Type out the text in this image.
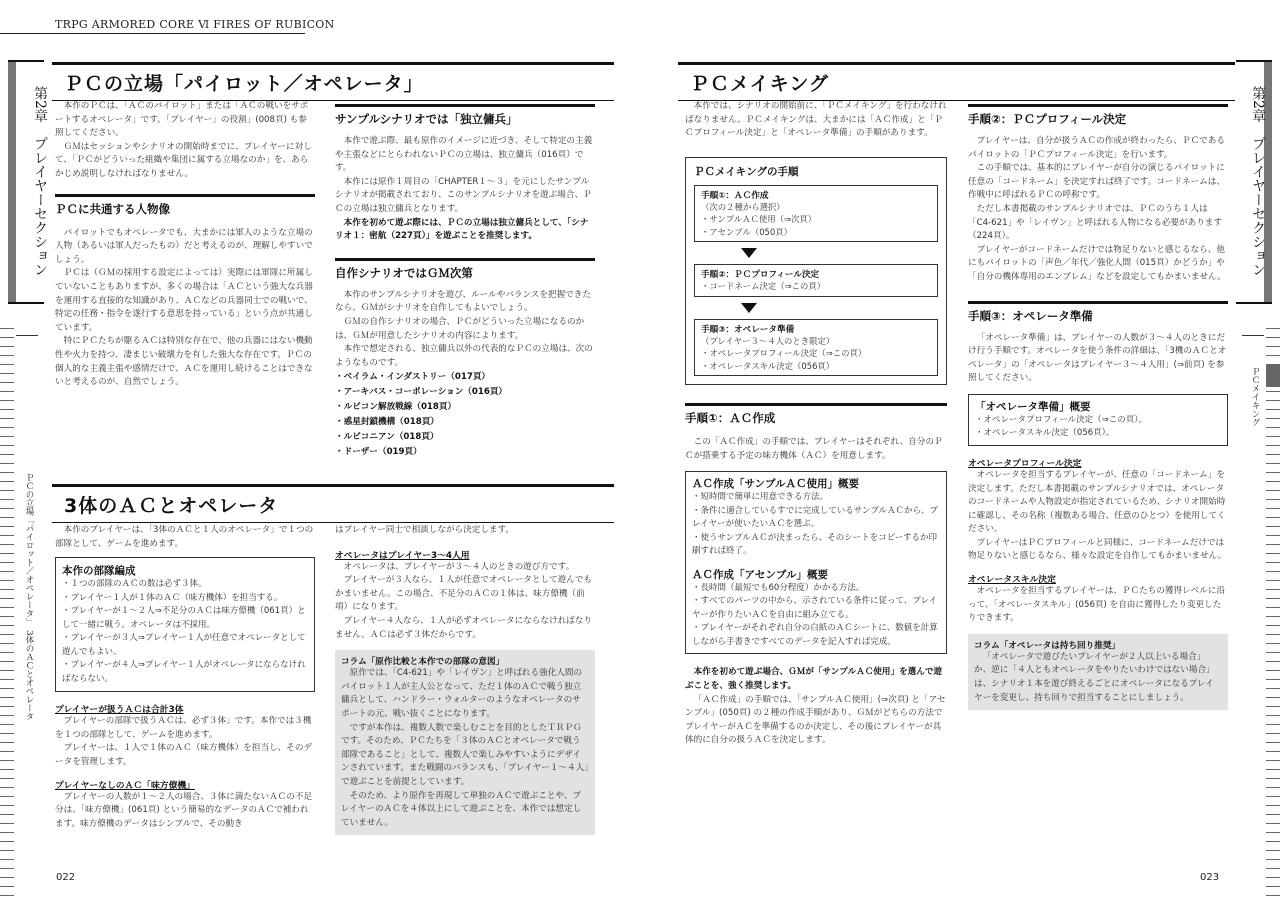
TRPG ARMORED CORE Ⅵ FIRES OF RUBICON
第2章　プレイヤーセクション
ＰＣの立場「パイロット／オペレータ」　3体のＡＣとオペレータ
ＰＣの立場「パイロット／オペレータ」

本作のＰＣは、「ＡＣのパイロット」または「ＡＣの戦いをサポートするオペレータ」です。「プレイヤー」の役割」(008頁) も参照してください。

ＧＭはセッションやシナリオの開始時までに、プレイヤーに対して、「ＰＣがどういった組織や集団に属する立場なのか」を、あらかじめ説明しなければなりません。

ＰＣに共通する人物像

パイロットでもオペレータでも、大まかには軍人のような立場の人物（あるいは軍人だったもの）だと考えるのが、理解しやすいでしょう。

ＰＣは（ＧＭの採用する設定によっては）実際には軍隊に所属していないこともありますが、多くの場合は「ＡＣという強大な兵器を運用する直接的な知識があり、ＡＣなどの兵器同士での戦いで、特定の任務・指令を遂行する意思を持っている」という点が共通しています。

特にＰＣたちが駆るＡＣは特別な存在で、他の兵器にはない機動性や火力を持つ、凄まじい破壊力を有した強大な存在です。ＰＣの個人的な主義主張や感情だけで、ＡＣを運用し続けることはできないと考えるのが、自然でしょう。

サンプルシナリオでは「独立傭兵」

本作で遊ぶ際、最も原作のイメージに近づき、そして特定の主義や主張などにとらわれないＰＣの立場は、独立傭兵（016頁）です。

本作には原作１周目の「CHAPTER１～３」を元にしたサンプルシナリオが掲載されており、このサンプルシナリオを遊ぶ場合、ＰＣの立場は独立傭兵となります。

本作を初めて遊ぶ際には、ＰＣの立場は独立傭兵として、「シナリオ１：密航（227頁）」を遊ぶことを推奨します。

自作シナリオではＧＭ次第

本作のサンプルシナリオを遊び、ルールやバランスを把握できたなら、ＧＭがシナリオを自作してもよいでしょう。

ＧＭの自作シナリオの場合、ＰＣがどういった立場になるのかは、ＧＭが用意したシナリオの内容によります。

本作で想定される、独立傭兵以外の代表的なＰＣの立場は、次のようなものです。

・ベイラム・インダストリー（017頁）
・アーキバス・コーポレーション（016頁）
・ルビコン解放戦線（018頁）
・惑星封鎖機構（018頁）
・ルビコニアン（018頁）
・ドーザー（019頁）
3体のＡＣとオペレータ

本作のプレイヤーは、「3体のＡＣと１人のオペレータ」で１つの部隊として、ゲームを進めます。

本作の部隊編成
・１つの部隊のＡＣの数は必ず３体。
・プレイヤー１人が１体のＡＣ（味方機体）を担当する。
・プレイヤーが１～２人⇒不足分のＡＣは味方僚機（061頁）として一緒に戦う。オペレータは不採用。
・プレイヤーが３人⇒プレイヤー１人が任意でオペレータとして遊んでもよい。
・プレイヤーが４人⇒プレイヤー１人がオペレータにならなければならない。
プレイヤーが扱うＡＣは合計3体

プレイヤーの部隊で扱うＡＣは、必ず３体」です。本作では３機を１つの部隊として、ゲームを進めます。

プレイヤーは、１人で１体のＡＣ（味方機体）を担当し、そのデータを管理します。

プレイヤーなしのＡＣ「味方僚機」

プレイヤーの人数が１～２人の場合、３体に満たないＡＣの不足分は、「味方僚機」(061頁) という簡易的なデータのＡＣで補われます。味方僚機のデータはシンプルで、その動き

はプレイヤー同士で相談しながら決定します。

オペレータはプレイヤー3～4人用

オペレータは、プレイヤーが３～４人のときの遊び方です。

プレイヤーが３人なら、１人が任意でオペレータとして遊んでもかまいません。この場合、不足分のＡＣの１体は、味方僚機（前項）になります。

プレイヤー４人なら、１人が必ずオペレータにならなければなりません。ＡＣは必ず３体だからです。

コラム「原作比較と本作での部隊の意図」

原作では、「C4-621」や「レイヴン」と呼ばれる強化人間のパイロット１人が主人公となって、ただ１体のＡＣで戦う独立傭兵として、ハンドラー・ウォルターのようなオペレータのサポートの元、戦い抜くことになります。

ですが本作は、複数人数で楽しむことを目的としたＴＲＰＧです。そのため、ＰＣたちを「３体のＡＣとオペレータで戦う部隊であること」として、複数人で楽しみやすいようにデザインされています。また戦闘のバランスも、「プレイヤー１～４人」で遊ぶことを前提としています。

そのため、より原作を再現して単独のＡＣで遊ぶことや、プレイヤーのＡＣを４体以上にして遊ぶことを、本作では想定していません。

022
第2章　プレイヤーセクション
ＰＣメイキング
ＰＣメイキング

本作では、シナリオの開始前に、「ＰＣメイキング」を行わなければなりません。ＰＣメイキングは、大まかには「ＡＣ作成」と「ＰＣプロフィール決定」と「オペレータ準備」の手順があります。

ＰＣメイキングの手順
手順①：ＡＣ作成
（次の２種から選択）
・サンプルＡＣ使用（⇒次頁）
・アセンブル（050頁）
手順②：ＰＣプロフィール決定
・コードネーム決定（⇒この頁）
手順③：オペレータ準備
（プレイヤー３～４人のとき限定）
・オペレータプロフィール決定（⇒この頁）
・オペレータスキル決定（056頁）
手順①：ＡＣ作成

この「ＡＣ作成」の手順では、プレイヤーはそれぞれ、自分のＰＣが搭乗する予定の味方機体（ＡＣ）を用意します。

ＡＣ作成「サンプルＡＣ使用」概要
・短時間で簡単に用意できる方法。
・条件に適合しているすでに完成しているサンプルＡＣから、プレイヤーが使いたいＡＣを選ぶ。
・使うサンプルＡＣが決まったら、そのシートをコピーするか印刷すれば終了。
ＡＣ作成「アセンブル」概要
・長時間（最短でも60分程度）かかる方法。
・すべてのパーツの中から、示されている条件に従って、プレイヤーが作りたいＡＣを自由に組み立てる。
・プレイヤーがそれぞれ自分の白紙のＡＣシートに、数値を計算しながら手書きですべてのデータを記入すれば完成。

本作を初めて遊ぶ場合、ＧＭが「サンプルＡＣ使用」を選んで遊ぶことを、強く推奨します。

「ＡＣ作成」の手順では、「サンプルＡＣ使用」(⇒次頁) と「アセンブル」(050頁) の２種の作成手順があり、ＧＭがどちらの方法でプレイヤーがＡＣを準備するのか決定し、その後にプレイヤーが具体的に自分の扱うＡＣを決定します。

手順②：ＰＣプロフィール決定

プレイヤーは、自分が扱うＡＣの作成が終わったら、ＰＣであるパイロットの「ＰＣプロフィール決定」を行います。

この手順では、基本的にプレイヤーが自分の演じるパイロットに任意の「コードネーム」を決定すれば終了です。コードネームは、作戦中に呼ばれるＰＣの呼称です。

ただし本書掲載のサンプルシナリオでは、ＰＣのうち１人は「C4-621」や「レイヴン」と呼ばれる人物になる必要があります（224頁）。

プレイヤーがコードネームだけでは物足りないと感じるなら、他にもパイロットの「声色／年代／強化人間（015頁）かどうか」や「自分の機体専用のエンブレム」などを設定してもかまいません。

手順③：オペレータ準備

「オペレータ準備」は、プレイヤーの人数が３～４人のときにだけ行う手順です。オペレータを使う条件の詳細は、「3機のＡＣとオペレータ」の「オペレータはプレイヤー３～４人用」(⇒前頁) を参照してください。

「オペレータ準備」概要
・オペレータプロフィール決定（⇒この頁）。
・オペレータスキル決定（056頁）。
オペレータプロフィール決定

オペレータを担当するプレイヤーが、任意の「コードネーム」を決定します。ただし本書掲載のサンプルシナリオでは、オペレータのコードネームや人物設定が指定されているため、シナリオ開始時に確認し、その名称（複数ある場合、任意のひとつ）を使用してください。

プレイヤーはＰＣプロフィールと同様に、コードネームだけでは物足りないと感じるなら、様々な設定を自作してもかまいません。

オペレータスキル決定

オペレータを担当するプレイヤーは、ＰＣたちの獲得レベルに沿って、「オペレータスキル」(056頁) を自由に獲得したり変更したりできます。

コラム「オペレータは持ち回り推奨」

「オペレータで遊びたいプレイヤーが２人以上いる場合」か、逆に「４人ともオペレータをやりたいわけではない場合」は、シナリオ１本を遊び終えるごとにオペレータになるプレイヤーを変更し、持ち回りで担当することにしましょう。

023
